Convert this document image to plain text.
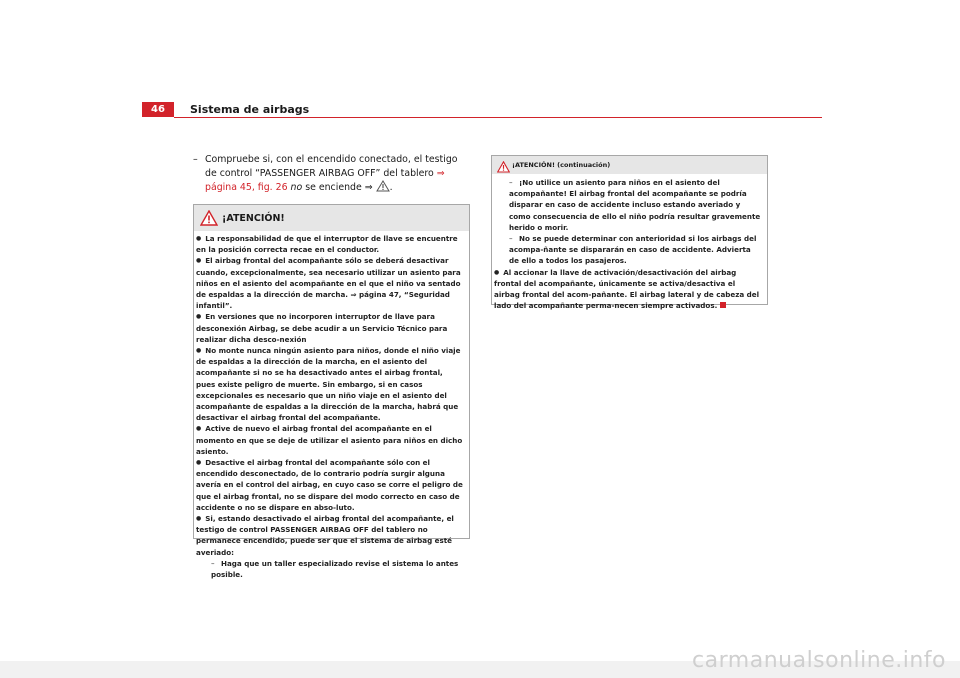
46	Sistema de airbags
– Compruebe si, con el encendido conectado, el testigo de control “PASSENGER AIRBAG OFF” del tablero ⇒ página 45, fig. 26 no se enciende ⇒ .
¡ATENCIÓN!

● La responsabilidad de que el interruptor de llave se encuentre en la posición correcta recae en el conductor.

● El airbag frontal del acompañante sólo se deberá desactivar cuando, excepcionalmente, sea necesario utilizar un asiento para niños en el asiento del acompañante en el que el niño va sentado de espaldas a la dirección de marcha. ⇒ página 47, “Seguridad infantil”.

● En versiones que no incorporen interruptor de llave para desconexión Airbag, se debe acudir a un Servicio Técnico para realizar dicha desco-nexión

● No monte nunca ningún asiento para niños, donde el niño viaje de espaldas a la dirección de la marcha, en el asiento del acompañante si no se ha desactivado antes el airbag frontal, pues existe peligro de muerte. Sin embargo, si en casos excepcionales es necesario que un niño viaje en el asiento del acompañante de espaldas a la dirección de la marcha, habrá que desactivar el airbag frontal del acompañante.

● Active de nuevo el airbag frontal del acompañante en el momento en que se deje de utilizar el asiento para niños en dicho asiento.

● Desactive el airbag frontal del acompañante sólo con el encendido desconectado, de lo contrario podría surgir alguna avería en el control del airbag, en cuyo caso se corre el peligro de que el airbag frontal, no se dispare del modo correcto en caso de accidente o no se dispare en abso-luto.

● Si, estando desactivado el airbag frontal del acompañante, el testigo de control PASSENGER AIRBAG OFF del tablero no permanece encendido, puede ser que el sistema de airbag esté averiado:

– Haga que un taller especializado revise el sistema lo antes posible.

¡ATENCIÓN! (continuación)

– ¡No utilice un asiento para niños en el asiento del acompañante! El airbag frontal del acompañante se podría disparar en caso de accidente incluso estando averiado y como consecuencia de ello el niño podría resultar gravemente herido o morir.

– No se puede determinar con anterioridad si los airbags del acompa-ñante se dispararán en caso de accidente. Advierta de ello a todos los pasajeros.

● Al accionar la llave de activación/desactivación del airbag frontal del acompañante, únicamente se activa/desactiva el airbag frontal del acom-pañante. El airbag lateral y de cabeza del lado del acompañante perma-necen siempre activados.

carmanualsonline.info
